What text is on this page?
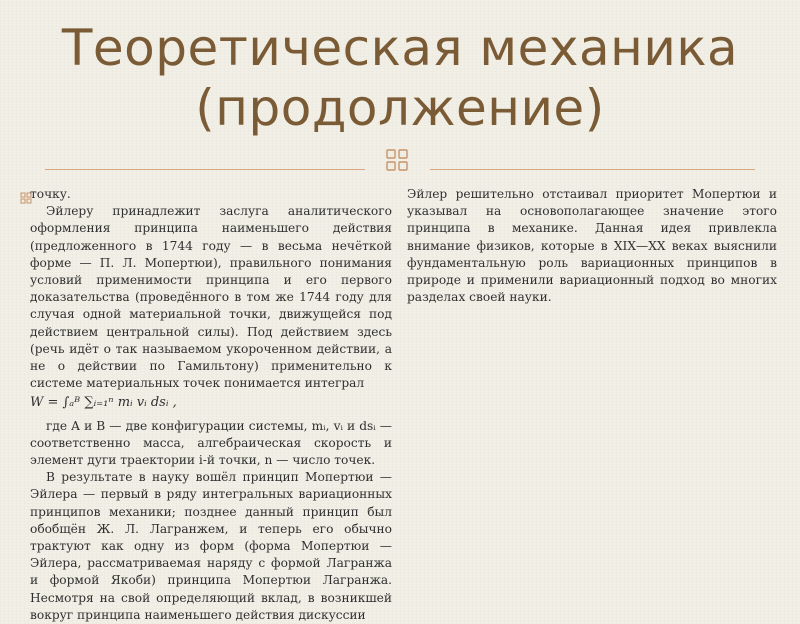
Теоретическая механика
(продолжение)

точку.

Эйлеру принадлежит заслуга аналитического оформления принципа наименьшего действия (предложенного в 1744 году — в весьма нечёткой форме — П. Л. Мопертюи), правильного понимания условий применимости принципа и его первого доказательства (проведённого в том же 1744 году для случая одной материальной точки, движущейся под действием центральной силы). Под действием здесь (речь идёт о так называемом укороченном действии, а не о действии по Гамильтону) применительно к системе материальных точек понимается интеграл

W = ∫ₐᴮ ∑ᵢ₌₁ⁿ mᵢ vᵢ dsᵢ ,

где A и B — две конфигурации системы, mᵢ, vᵢ и dsᵢ — соответственно масса, алгебраическая скорость и элемент дуги траектории i-й точки, n — число точек.

В результате в науку вошёл принцип Мопертюи — Эйлера — первый в ряду интегральных вариационных принципов механики; позднее данный принцип был обобщён Ж. Л. Лагранжем, и теперь его обычно трактуют как одну из форм (форма Мопертюи — Эйлера, рассматриваемая наряду с формой Лагранжа и формой Якоби) принципа Мопертюи Лагранжа. Несмотря на свой определяющий вклад, в возникшей вокруг принципа наименьшего действия дискуссии

Эйлер решительно отстаивал приоритет Мопертюи и указывал на основополагающее значение этого принципа в механике. Данная идея привлекла внимание физиков, которые в XIX—XX веках выяснили фундаментальную роль вариационных принципов в природе и применили вариационный подход во многих разделах своей науки.
